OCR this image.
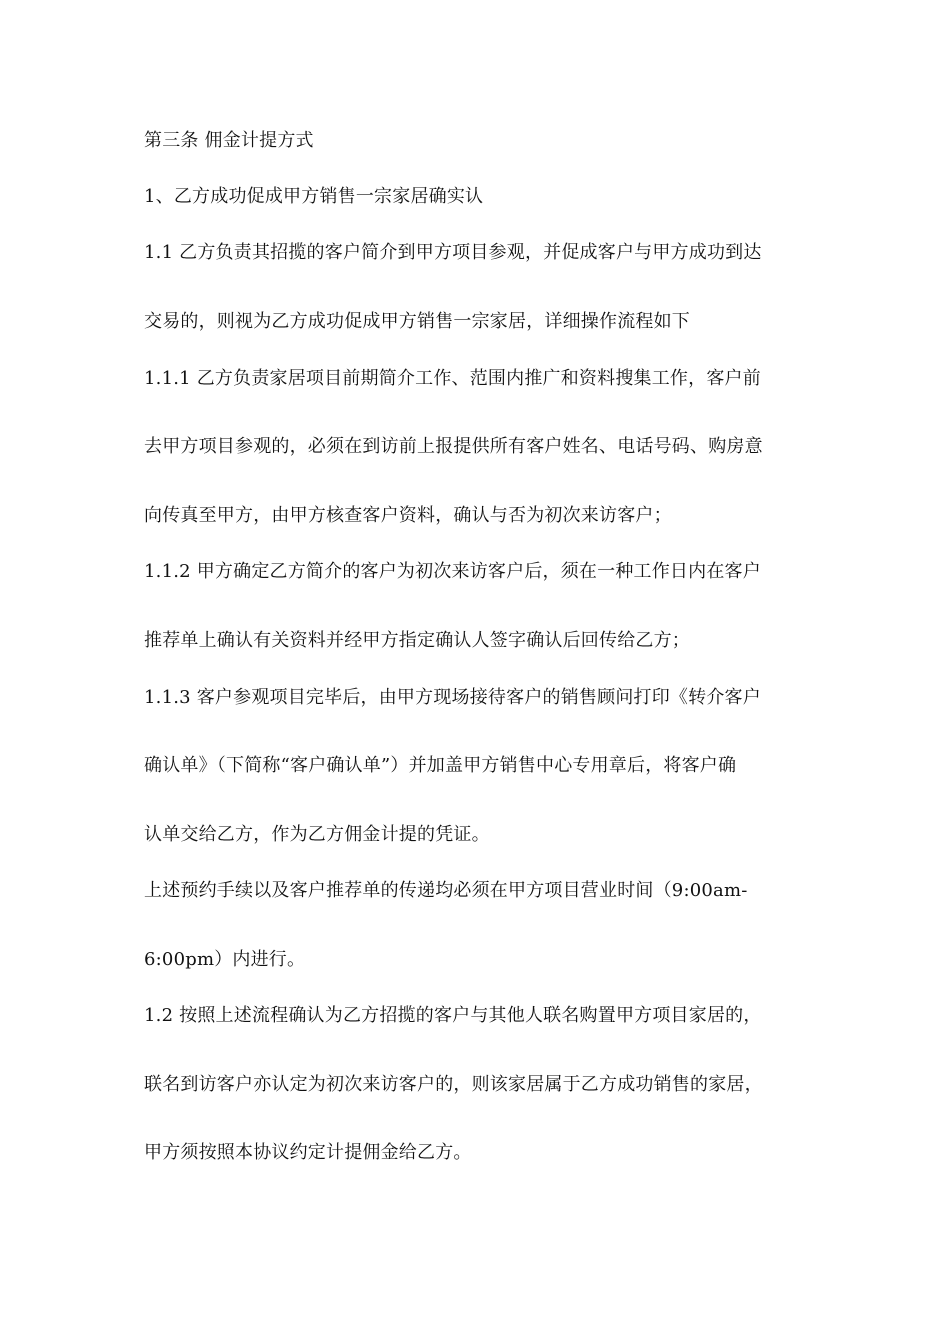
第三条 佣金计提方式
1、乙方成功促成甲方销售一宗家居确实认
1.1 乙方负责其招揽的客户简介到甲方项目参观，并促成客户与甲方成功到达
交易的，则视为乙方成功促成甲方销售一宗家居，详细操作流程如下
1.1.1 乙方负责家居项目前期简介工作、范围内推广和资料搜集工作，客户前
去甲方项目参观的，必须在到访前上报提供所有客户姓名、电话号码、购房意
向传真至甲方，由甲方核查客户资料，确认与否为初次来访客户；
1.1.2 甲方确定乙方简介的客户为初次来访客户后，须在一种工作日内在客户
推荐单上确认有关资料并经甲方指定确认人签字确认后回传给乙方；
1.1.3 客户参观项目完毕后，由甲方现场接待客户的销售顾问打印《转介客户
确认单》（下简称“客户确认单”）并加盖甲方销售中心专用章后，将客户确
认单交给乙方，作为乙方佣金计提的凭证。
上述预约手续以及客户推荐单的传递均必须在甲方项目营业时间（9:00am-
6:00pm）内进行。
1.2 按照上述流程确认为乙方招揽的客户与其他人联名购置甲方项目家居的，
联名到访客户亦认定为初次来访客户的，则该家居属于乙方成功销售的家居，
甲方须按照本协议约定计提佣金给乙方。
